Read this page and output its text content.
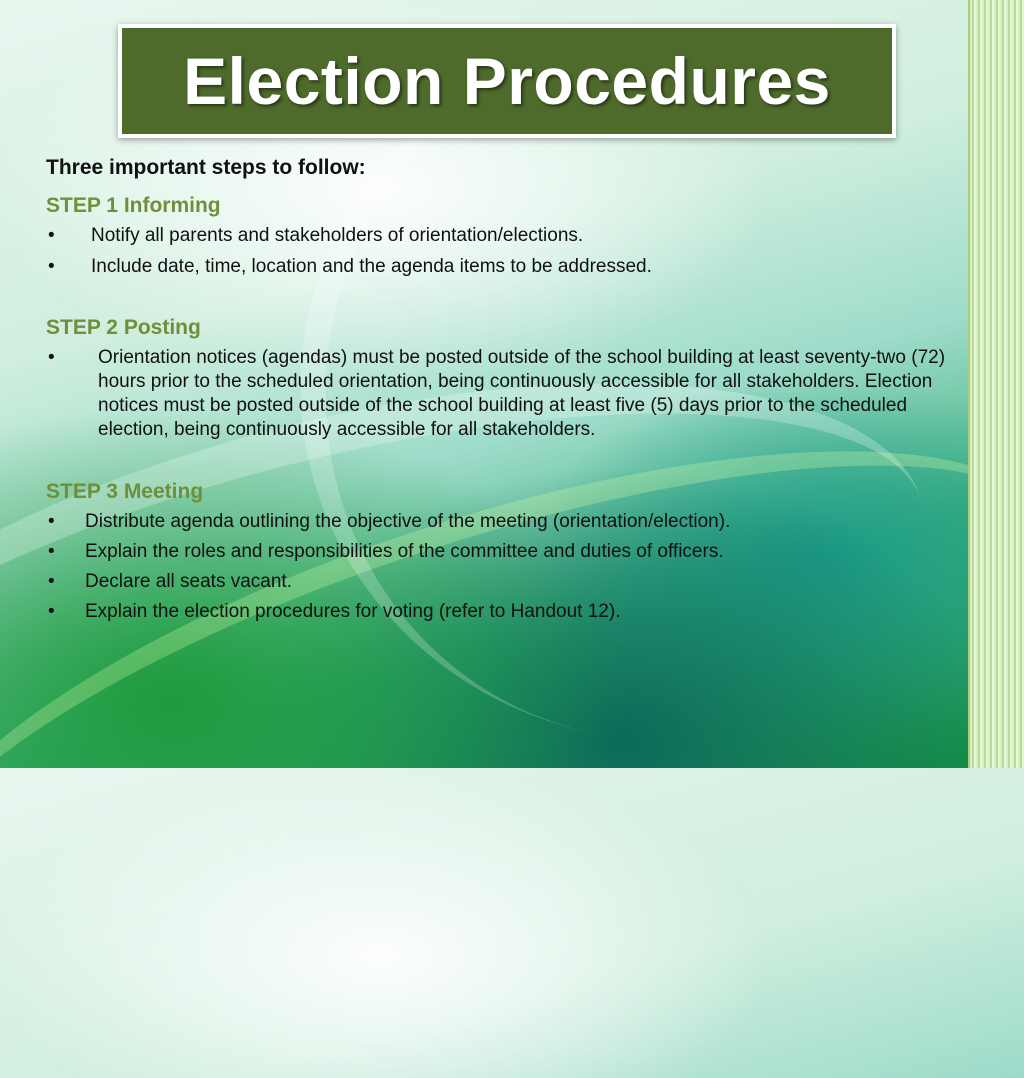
Election Procedures
Three important steps to follow:
STEP 1 Informing
• Notify all parents and stakeholders of orientation/elections.
• Include date, time, location and the agenda items to be addressed.
STEP 2 Posting
• Orientation notices (agendas) must be posted outside of the school building at least seventy-two (72) hours prior to the scheduled orientation, being continuously accessible for all stakeholders. Election notices must be posted outside of the school building at least five (5) days prior to the scheduled election, being continuously accessible for all stakeholders.
STEP 3 Meeting
• Distribute agenda outlining the objective of the meeting (orientation/election).
• Explain the roles and responsibilities of the committee and duties of officers.
• Declare all seats vacant.
• Explain the election procedures for voting (refer to Handout 12).
